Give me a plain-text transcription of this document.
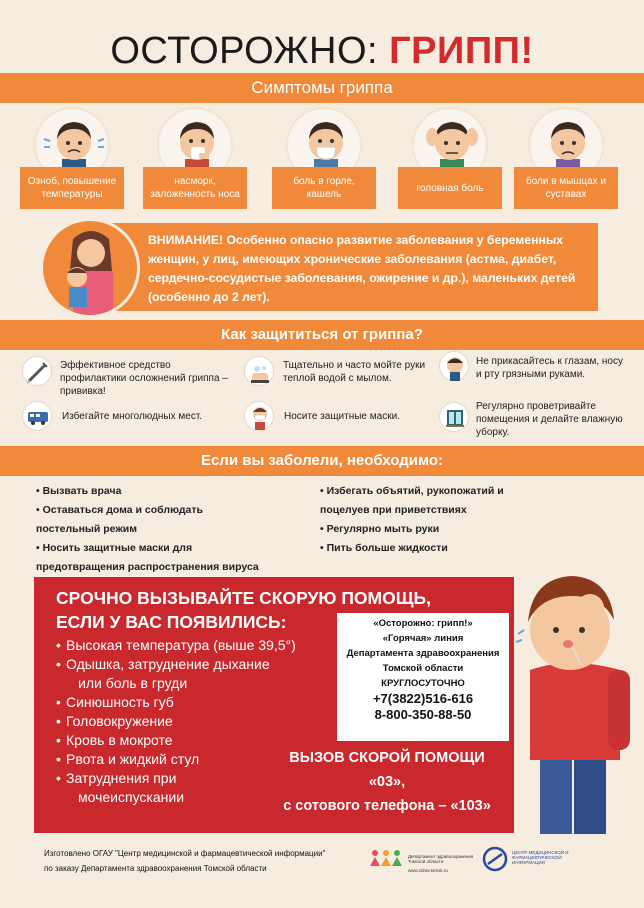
ОСТОРОЖНО: ГРИПП!
Симптомы гриппа
Озноб, повышение температуры
насморк, заложенность носа
боль в горле, кашель
головная боль
боли в мышцах и суставах
ВНИМАНИЕ! Особенно опасно развитие заболевания у беременных женщин, у лиц, имеющих хронические заболевания (астма, диабет, сердечно-сосудистые заболевания, ожирение и др.), маленьких детей (особенно до 2 лет).
Как защититься от гриппа?
Эффективное средство профилактики осложнений гриппа – прививка!
Тщательно и часто мойте руки теплой водой с мылом.
Не прикасайтесь к глазам, носу и рту грязными руками.
Избегайте многолюдных мест.	Носите защитные маски.
Регулярно проветривайте помещения и делайте влажную уборку.
Если вы заболели, необходимо:
• Вызвать врача
• Оставаться дома и соблюдать
постельный режим
• Носить защитные маски для
предотвращения распространения вируса
• Избегать объятий, рукопожатий и
поцелуев при приветствиях
• Регулярно мыть руки
• Пить больше жидкости
СРОЧНО ВЫЗЫВАЙТЕ СКОРУЮ ПОМОЩЬ,
ЕСЛИ У ВАС ПОЯВИЛИСЬ:
• Высокая температура (выше 39,5°)
• Одышка, затруднение дыхание
или боль в груди
• Синюшность губ
• Головокружение
• Кровь в мокроте
• Рвота и жидкий стул
• Затруднения при
мочеиспускании
«Осторожно: грипп!»
«Горячая» линия
Департамента здравоохранения
Томской области
КРУГЛОСУТОЧНО
+7(3822)516-616
8-800-350-88-50
ВЫЗОВ СКОРОЙ ПОМОЩИ
«03»,
с сотового телефона – «103»
Изготовлено ОГАУ "Центр медицинской и фармацевтической информации"
по заказу Департамента здравоохранения Томской области
Департамент здравоохранения Томской области
www.zdrav.tomsk.ru
ЦЕНТР МЕДИЦИНСКОЙ И ФАРМАЦЕВТИЧЕСКОЙ ИНФОРМАЦИИ
